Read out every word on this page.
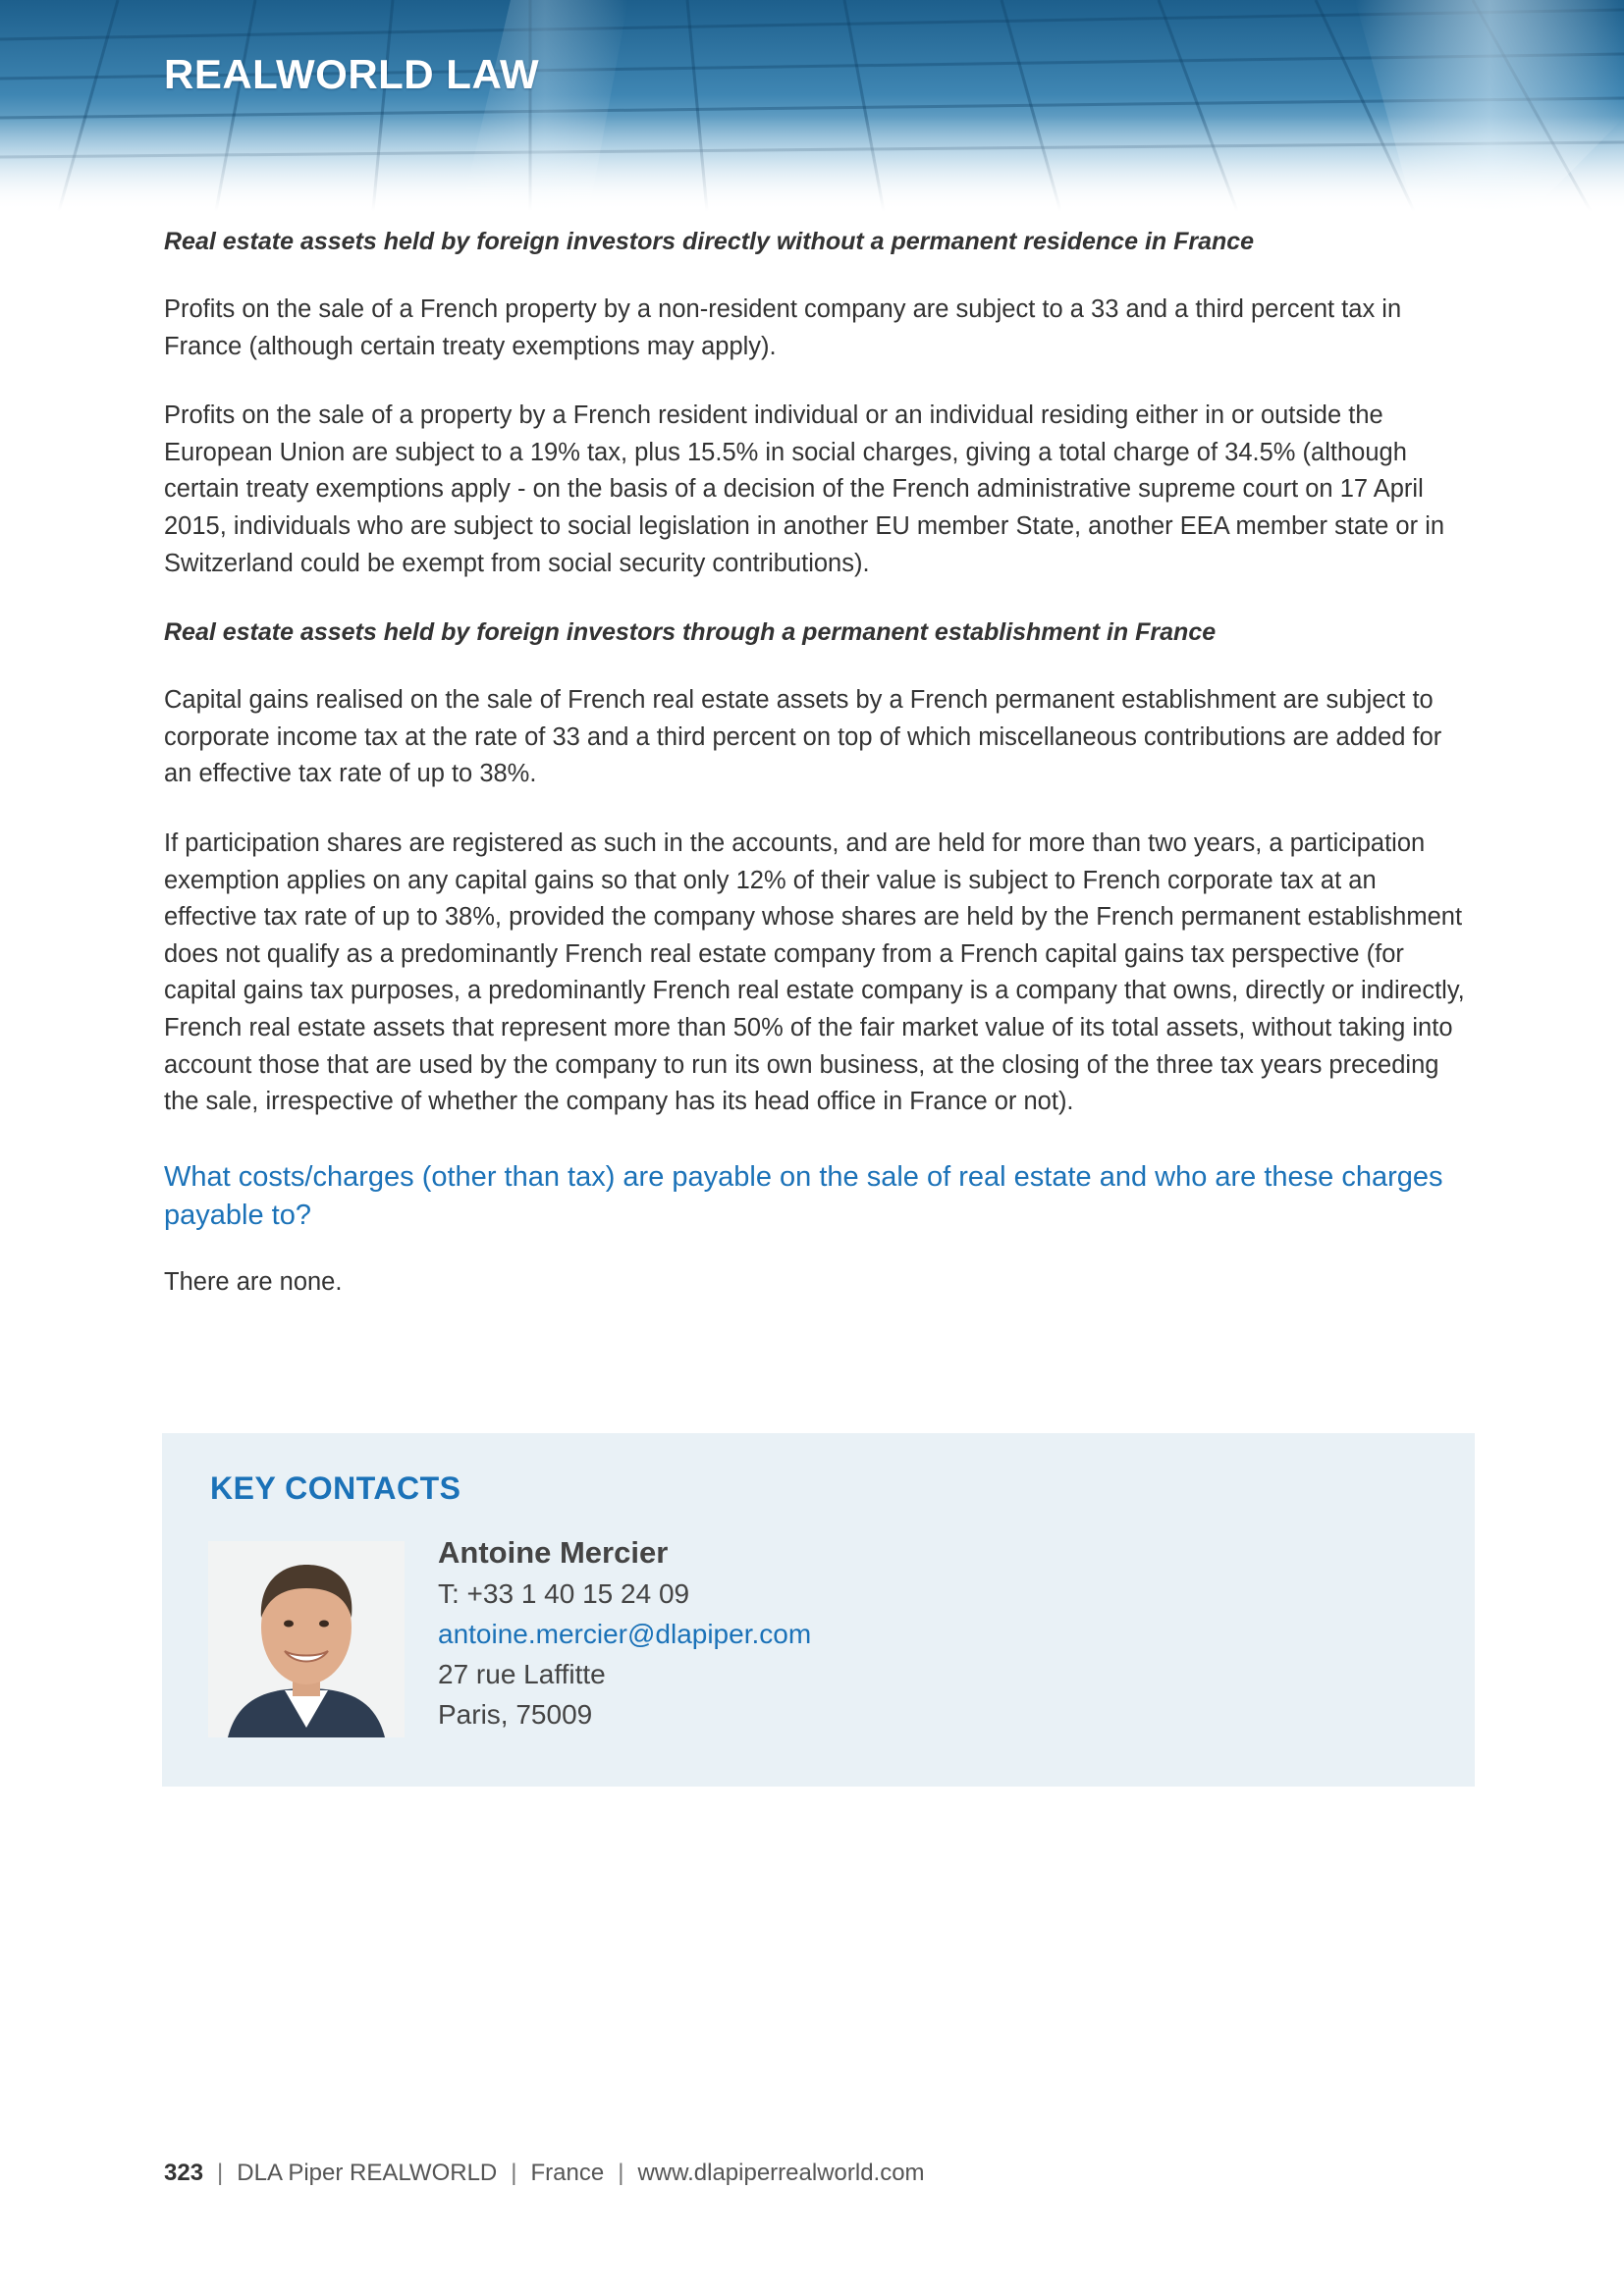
REALWORLD LAW

Real estate assets held by foreign investors directly without a permanent residence in France

Profits on the sale of a French property by a non-resident company are subject to a 33 and a third percent tax in France (although certain treaty exemptions may apply).

Profits on the sale of a property by a French resident individual or an individual residing either in or outside the European Union are subject to a 19% tax, plus 15.5% in social charges, giving a total charge of 34.5% (although certain treaty exemptions apply - on the basis of a decision of the French administrative supreme court on 17 April 2015, individuals who are subject to social legislation in another EU member State, another EEA member state or in Switzerland could be exempt from social security contributions).

Real estate assets held by foreign investors through a permanent establishment in France

Capital gains realised on the sale of French real estate assets by a French permanent establishment are subject to corporate income tax at the rate of 33 and a third percent on top of which miscellaneous contributions are added for an effective tax rate of up to 38%.

If participation shares are registered as such in the accounts, and are held for more than two years, a participation exemption applies on any capital gains so that only 12% of their value is subject to French corporate tax at an effective tax rate of up to 38%, provided the company whose shares are held by the French permanent establishment does not qualify as a predominantly French real estate company from a French capital gains tax perspective (for capital gains tax purposes, a predominantly French real estate company is a company that owns, directly or indirectly, French real estate assets that represent more than 50% of the fair market value of its total assets, without taking into account those that are used by the company to run its own business, at the closing of the three tax years preceding the sale, irrespective of whether the company has its head office in France or not).

What costs/charges (other than tax) are payable on the sale of real estate and who are these charges payable to?

There are none.

KEY CONTACTS
Antoine Mercier
T: +33 1 40 15 24 09
antoine.mercier@dlapiper.com
27 rue Laffitte
Paris, 75009
323 | DLA Piper REALWORLD | France | www.dlapiperrealworld.com
